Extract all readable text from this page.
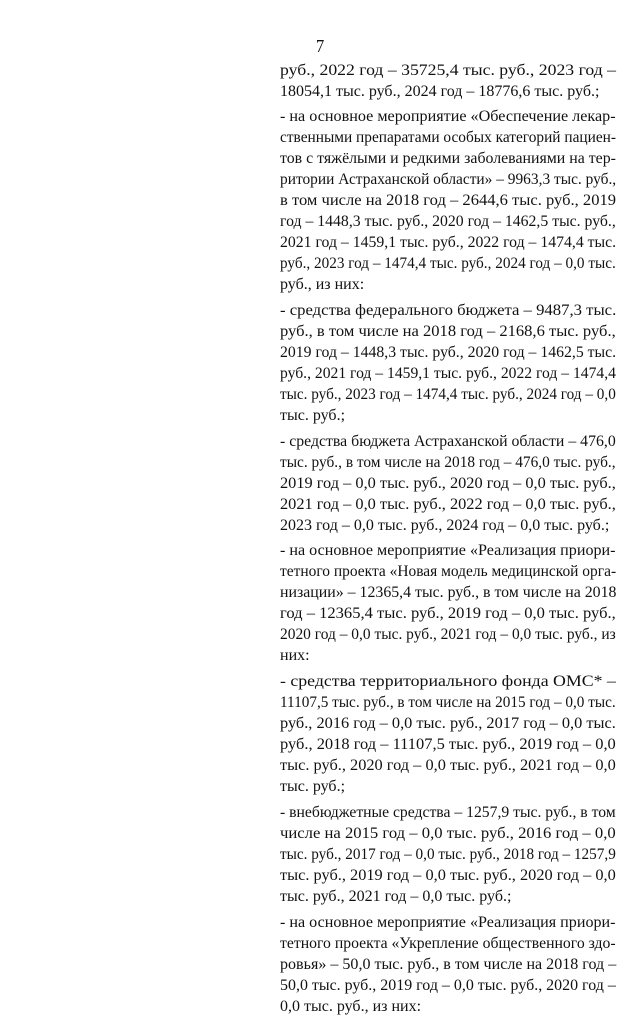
7
руб., 2022 год – 35725,4 тыс. руб., 2023 год –
18054,1 тыс. руб., 2024 год – 18776,6 тыс. руб.;
- на основное мероприятие «Обеспечение лекар-
ственными препаратами особых категорий пациен-
тов с тяжёлыми и редкими заболеваниями на тер-
ритории Астраханской области» – 9963,3 тыс. руб.,
в том числе на 2018 год – 2644,6 тыс. руб., 2019
год – 1448,3 тыс. руб., 2020 год – 1462,5 тыс. руб.,
2021 год – 1459,1 тыс. руб., 2022 год – 1474,4 тыс.
руб., 2023 год – 1474,4 тыс. руб., 2024 год – 0,0 тыс.
руб., из них:
- средства федерального бюджета – 9487,3 тыс.
руб., в том числе на 2018 год – 2168,6 тыс. руб.,
2019 год – 1448,3 тыс. руб., 2020 год – 1462,5 тыс.
руб., 2021 год – 1459,1 тыс. руб., 2022 год – 1474,4
тыс. руб., 2023 год – 1474,4 тыс. руб., 2024 год – 0,0
тыс. руб.;
- средства бюджета Астраханской области – 476,0
тыс. руб., в том числе на 2018 год – 476,0 тыс. руб.,
2019 год – 0,0 тыс. руб., 2020 год – 0,0 тыс. руб.,
2021 год – 0,0 тыс. руб., 2022 год – 0,0 тыс. руб.,
2023 год – 0,0 тыс. руб., 2024 год – 0,0 тыс. руб.;
- на основное мероприятие «Реализация приори-
тетного проекта «Новая модель медицинской орга-
низации» – 12365,4 тыс. руб., в том числе на 2018
год – 12365,4 тыс. руб., 2019 год – 0,0 тыс. руб.,
2020 год – 0,0 тыс. руб., 2021 год – 0,0 тыс. руб., из
них:
- средства территориального фонда ОМС* –
11107,5 тыс. руб., в том числе на 2015 год – 0,0 тыс.
руб., 2016 год – 0,0 тыс. руб., 2017 год – 0,0 тыс.
руб., 2018 год – 11107,5 тыс. руб., 2019 год – 0,0
тыс. руб., 2020 год – 0,0 тыс. руб., 2021 год – 0,0
тыс. руб.;
- внебюджетные средства – 1257,9 тыс. руб., в том
числе на 2015 год – 0,0 тыс. руб., 2016 год – 0,0
тыс. руб., 2017 год – 0,0 тыс. руб., 2018 год – 1257,9
тыс. руб., 2019 год – 0,0 тыс. руб., 2020 год – 0,0
тыс. руб., 2021 год – 0,0 тыс. руб.;
- на основное мероприятие «Реализация приори-
тетного проекта «Укрепление общественного здо-
ровья» – 50,0 тыс. руб., в том числе на 2018 год –
50,0 тыс. руб., 2019 год – 0,0 тыс. руб., 2020 год –
0,0 тыс. руб., из них:
